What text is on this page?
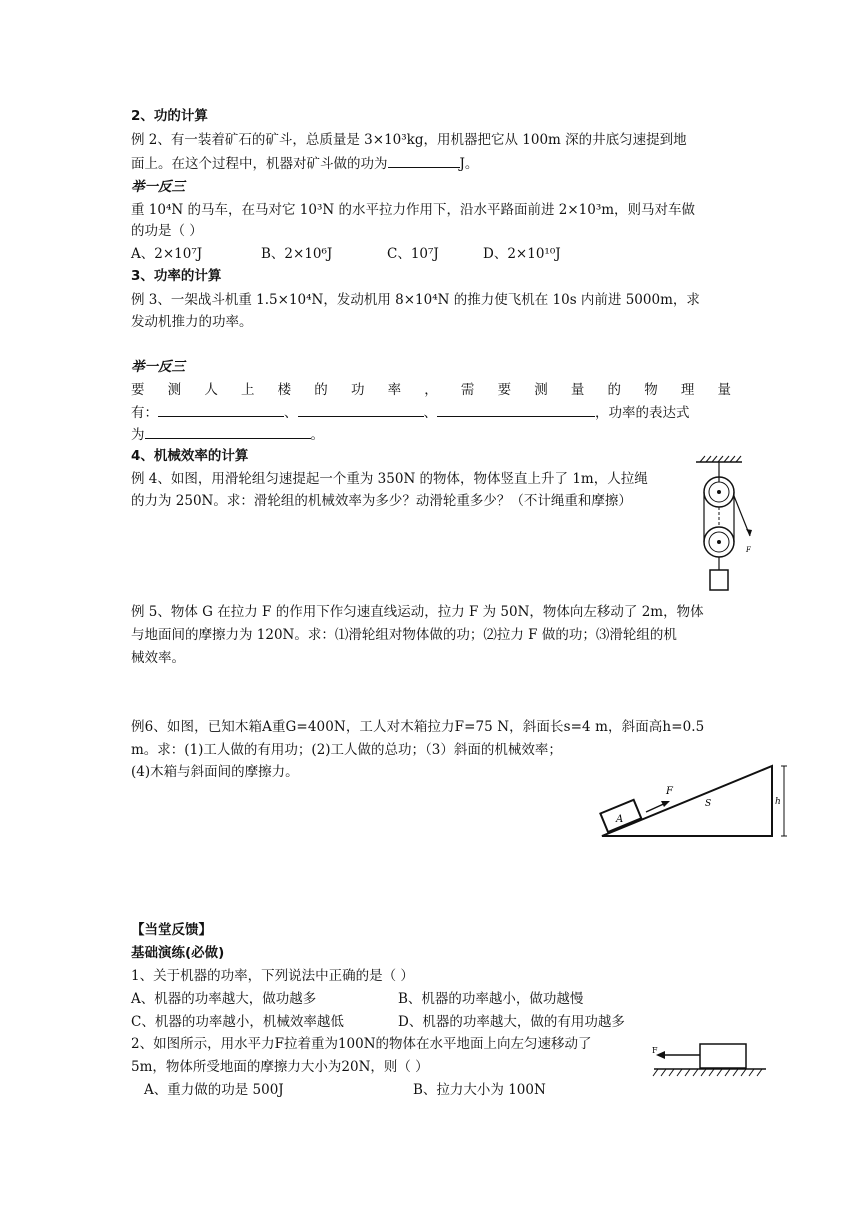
2、功的计算
例 2、有一装着矿石的矿斗，总质量是 3×10³kg，用机器把它从 100m 深的井底匀速提到地
面上。在这个过程中，机器对矿斗做的功为	J。
举一反三
重 10⁴N 的马车，在马对它 10³N 的水平拉力作用下，沿水平路面前进 2×10³m，则马对车做
的功是（ ）
A、2×10⁷J	B、2×10⁶J	C、10⁷J	D、2×10¹⁰J
3、功率的计算
例 3、一架战斗机重 1.5×10⁴N，发动机用 8×10⁴N 的推力使飞机在 10s 内前进 5000m，求
发动机推力的功率。
举一反三
要 测 人 上 楼 的 功 率 ， 需 要 测 量 的 物 理 量
有：	、	、	，功率的表达式
为	。
4、机械效率的计算
例 4、如图，用滑轮组匀速提起一个重为 350N 的物体，物体竖直上升了 1m，人拉绳
的力为 250N。求：滑轮组的机械效率为多少？动滑轮重多少？（不计绳重和摩擦）
F
例 5、物体 G 在拉力 F 的作用下作匀速直线运动，拉力 F 为 50N，物体向左移动了 2m，物体
与地面间的摩擦力为 120N。求：⑴滑轮组对物体做的功；⑵拉力 F 做的功；⑶滑轮组的机
械效率。
例6、如图，已知木箱A重G=400N，工人对木箱拉力F=75 N，斜面长s=4 m，斜面高h=0.5
m。求：(1)工人做的有用功；(2)工人做的总功；（3）斜面的机械效率；
(4)木箱与斜面间的摩擦力。
A
F
S	h
【当堂反馈】
基础演练(必做)
1、关于机器的功率，下列说法中正确的是（ ）
A、机器的功率越大，做功越多	B、机器的功率越小，做功越慢
C、机器的功率越小，机械效率越低	D、机器的功率越大，做的有用功越多
2、如图所示，用水平力F拉着重为100N的物体在水平地面上向左匀速移动了
5m，物体所受地面的摩擦力大小为20N，则（ ）
A、重力做的功是 500J	B、拉力大小为 100N
F
